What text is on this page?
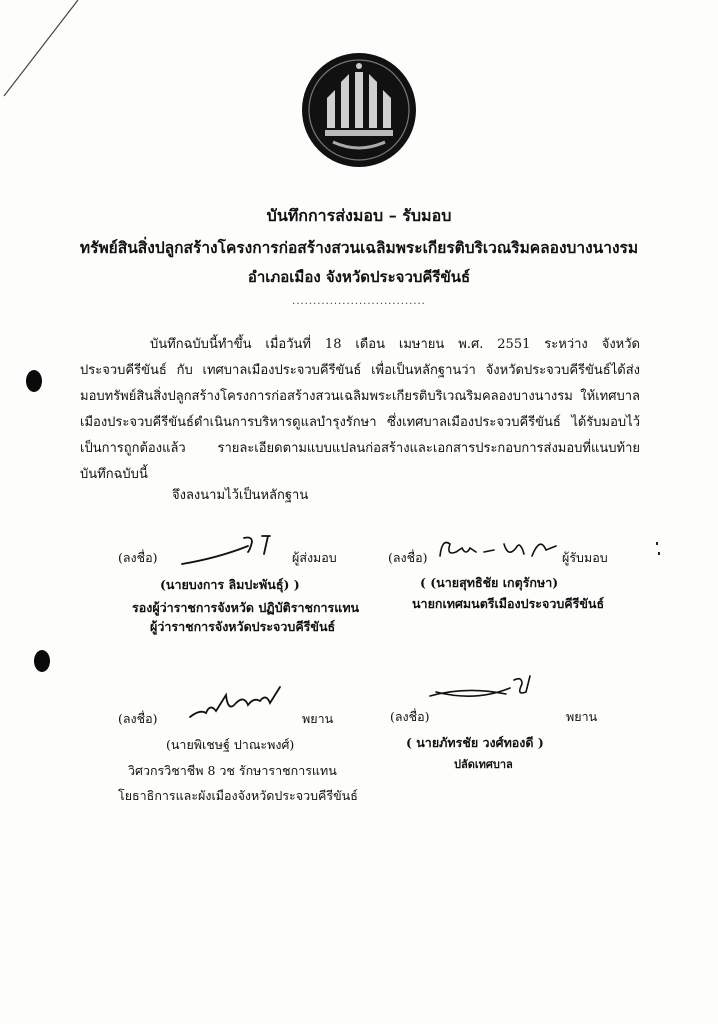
บันทึกการส่งมอบ – รับมอบ
ทรัพย์สินสิ่งปลูกสร้างโครงการก่อสร้างสวนเฉลิมพระเกียรติบริเวณริมคลองบางนางรม
อำเภอเมือง จังหวัดประจวบคีรีขันธ์
................................
บันทึกฉบับนี้ทำขึ้น เมื่อวันที่ 18 เดือน เมษายน พ.ศ. 2551 ระหว่าง จังหวัดประจวบคีรีขันธ์ กับ เทศบาลเมืองประจวบคีรีขันธ์ เพื่อเป็นหลักฐานว่า จังหวัดประจวบคีรีขันธ์ได้ส่งมอบทรัพย์สินสิ่งปลูกสร้างโครงการก่อสร้างสวนเฉลิมพระเกียรติบริเวณริมคลองบางนางรม ให้เทศบาลเมืองประจวบคีรีขันธ์ดำเนินการบริหารดูแลบำรุงรักษา ซึ่งเทศบาลเมืองประจวบคีรีขันธ์ ได้รับมอบไว้เป็นการถูกต้องแล้ว รายละเอียดตามแบบแปลนก่อสร้างและเอกสารประกอบการส่งมอบที่แนบท้ายบันทึกฉบับนี้
จึงลงนามไว้เป็นหลักฐาน
(ลงชื่อ)	ผู้ส่งมอบ
(นายบงการ ลิมปะพันธุ์) )
รองผู้ว่าราชการจังหวัด ปฏิบัติราชการแทน
ผู้ว่าราชการจังหวัดประจวบคีรีขันธ์
(ลงชื่อ)	ผู้รับมอบ
( (นายสุทธิชัย เกตุรักษา)
นายกเทศมนตรีเมืองประจวบคีรีขันธ์
(ลงชื่อ)	พยาน
(นายพิเชษฐ์ ปาณะพงศ์)
วิศวกรวิชาชีพ 8 วช รักษาราชการแทน
โยธาธิการและผังเมืองจังหวัดประจวบคีรีขันธ์
(ลงชื่อ)	พยาน
( นายภัทรชัย วงศ์ทองดี )
ปลัดเทศบาล
